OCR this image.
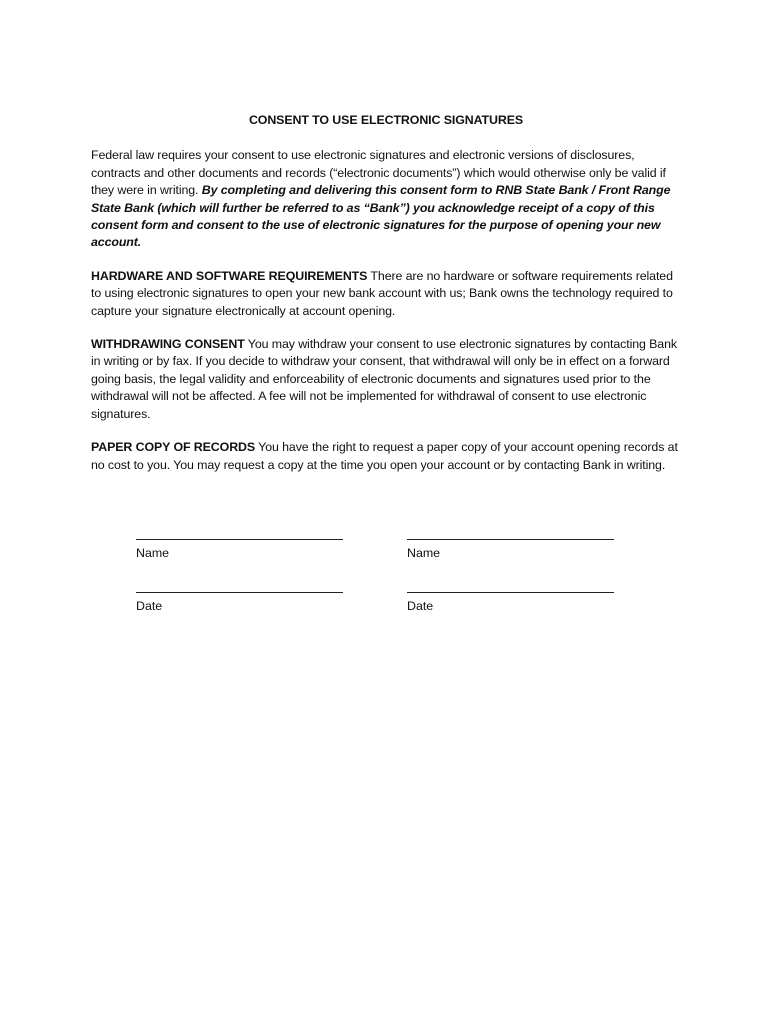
CONSENT TO USE ELECTRONIC SIGNATURES

Federal law requires your consent to use electronic signatures and electronic versions of disclosures, contracts and other documents and records (“electronic documents”) which would otherwise only be valid if they were in writing. By completing and delivering this consent form to RNB State Bank / Front Range State Bank (which will further be referred to as “Bank”) you acknowledge receipt of a copy of this consent form and consent to the use of electronic signatures for the purpose of opening your new account.

HARDWARE AND SOFTWARE REQUIREMENTS There are no hardware or software requirements related to using electronic signatures to open your new bank account with us; Bank owns the technology required to capture your signature electronically at account opening.

WITHDRAWING CONSENT You may withdraw your consent to use electronic signatures by contacting Bank in writing or by fax. If you decide to withdraw your consent, that withdrawal will only be in effect on a forward going basis, the legal validity and enforceability of electronic documents and signatures used prior to the withdrawal will not be affected. A fee will not be implemented for withdrawal of consent to use electronic signatures.

PAPER COPY OF RECORDS You have the right to request a paper copy of your account opening records at no cost to you. You may request a copy at the time you open your account or by contacting Bank in writing.

Name	Name
Date	Date
